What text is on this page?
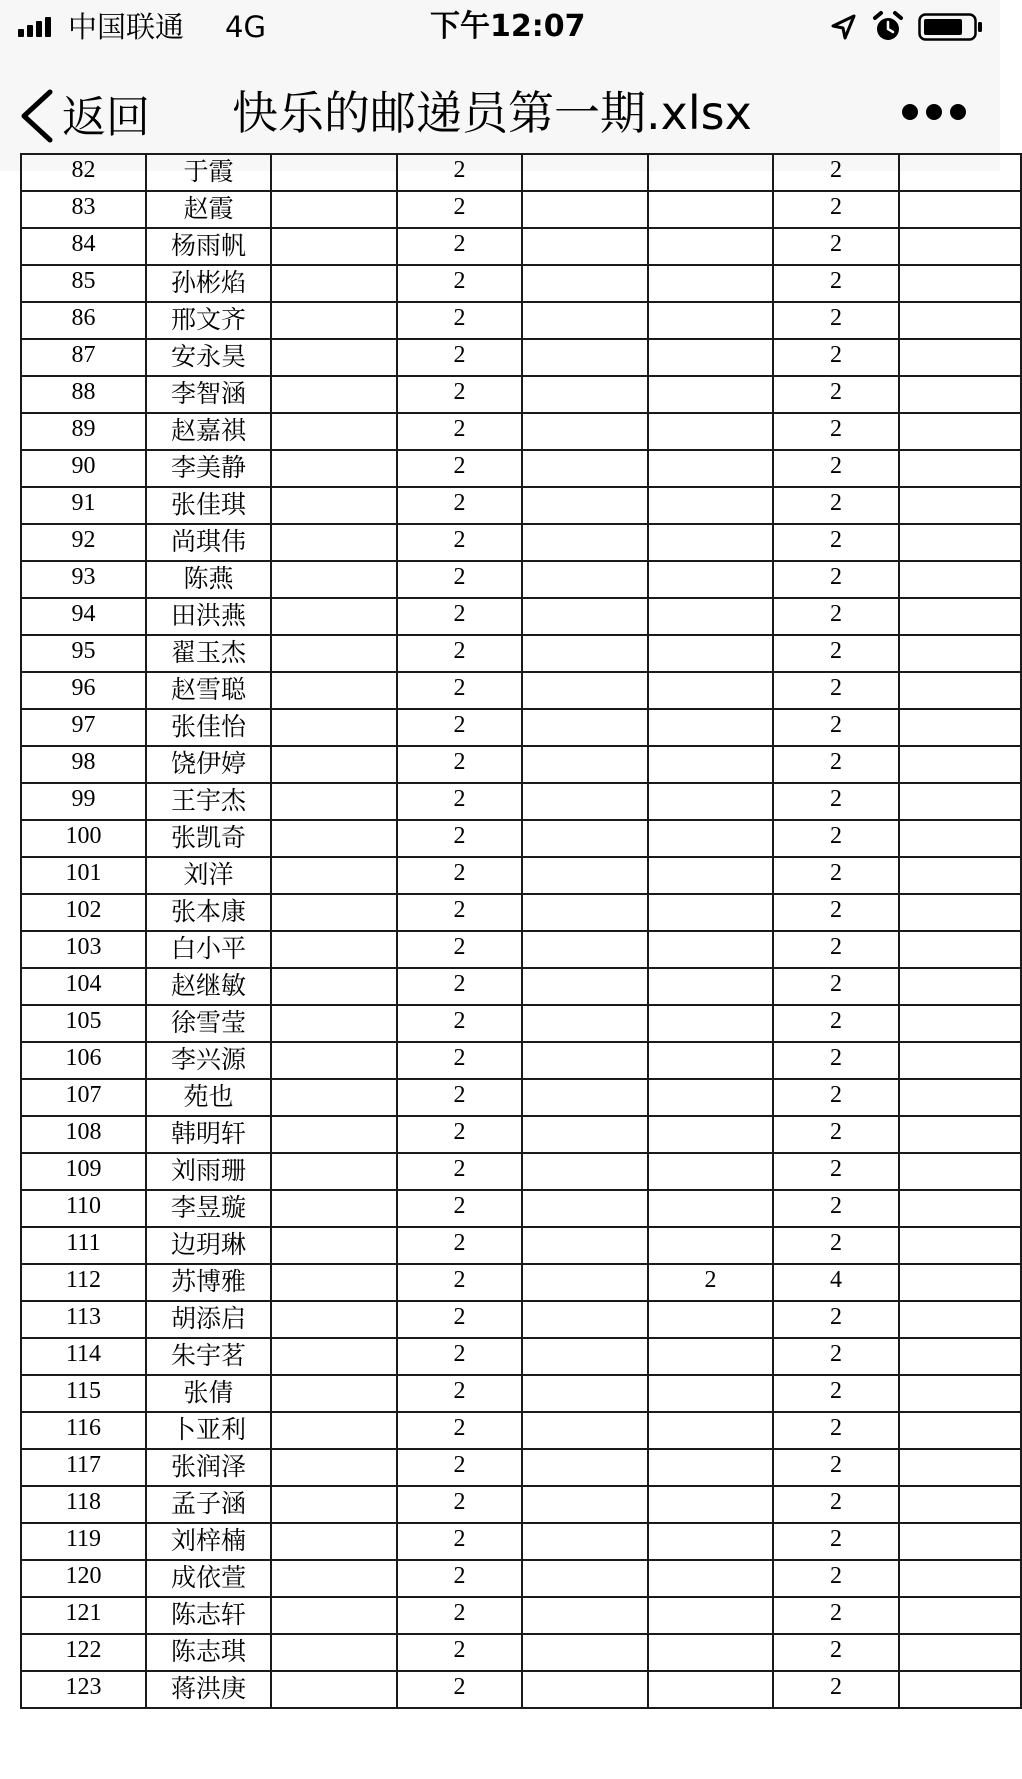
中国联通 4G	下午12:07
返回 快乐的邮递员第一期.xlsx
82	于霞		2			2		
83	赵霞		2			2		
84	杨雨帆		2			2		
85	孙彬焰		2			2		
86	邢文齐		2			2		
87	安永昊		2			2		
88	李智涵		2			2		
89	赵嘉祺		2			2		
90	李美静		2			2		
91	张佳琪		2			2		
92	尚琪伟		2			2		
93	陈燕		2			2		
94	田洪燕		2			2		
95	翟玉杰		2			2		
96	赵雪聪		2			2		
97	张佳怡		2			2		
98	饶伊婷		2			2		
99	王宇杰		2			2		
100	张凯奇		2			2		
101	刘洋		2			2		
102	张本康		2			2		
103	白小平		2			2		
104	赵继敏		2			2		
105	徐雪莹		2			2		
106	李兴源		2			2		
107	苑也		2			2		
108	韩明轩		2			2		
109	刘雨珊		2			2		
110	李昱璇		2			2		
111	边玥琳		2			2		
112	苏博雅		2		2	4		
113	胡添启		2			2		
114	朱宇茗		2			2		
115	张倩		2			2		
116	卜亚利		2			2		
117	张润泽		2			2		
118	孟子涵		2			2		
119	刘梓楠		2			2		
120	成依萱		2			2		
121	陈志轩		2			2		
122	陈志琪		2			2		
123	蒋洪庚		2			2		
